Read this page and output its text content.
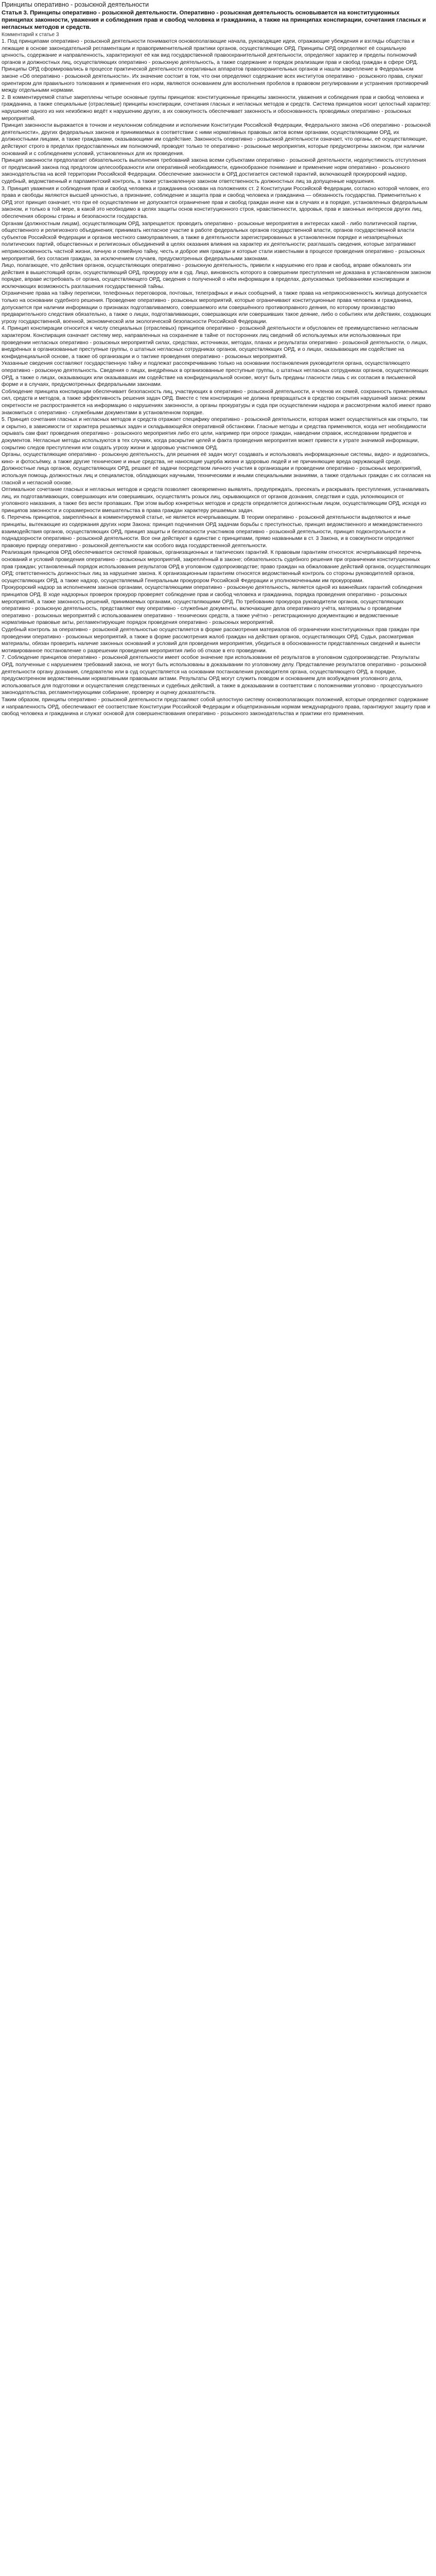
Принципы оперативно - розыскной деятельности
Статья 3. Принципы оперативно - розыскной деятельности. Оперативно - розыскная деятельность основывается на конституционных принципах законности, уважения и соблюдения прав и свобод человека и гражданина, а также на принципах конспирации, сочетания гласных и негласных методов и средств.
Комментарий к статье 3

1. Под принципами оперативно - розыскной деятельности понимаются основополагающие начала, руководящие идеи, отражающие убеждения и взгляды общества и лежащие в основе законодательной регламентации и правоприменительной практики органов, осуществляющих ОРД. Принципы ОРД определяют её социальную ценность, содержание и направленность, характеризуют её как вид государственной правоохранительной деятельности, определяют характер и пределы полномочий органов и должностных лиц, осуществляющих оперативно - розыскную деятельность, а также содержание и порядок реализации прав и свобод граждан в сфере ОРД.

Принципы ОРД сформировались в процессе практической деятельности оперативных аппаратов правоохранительных органов и нашли закрепление в Федеральном законе «Об оперативно - розыскной деятельности». Их значение состоит в том, что они определяют содержание всех институтов оперативно - розыскного права, служат ориентиром для правильного толкования и применения его норм, являются основанием для восполнения пробелов в правовом регулировании и устранения противоречий между отдельными нормами.

2. В комментируемой статье закреплены четыре основные группы принципов: конституционные принципы законности, уважения и соблюдения прав и свобод человека и гражданина, а также специальные (отраслевые) принципы конспирации, сочетания гласных и негласных методов и средств. Система принципов носит целостный характер: нарушение одного из них неизбежно ведёт к нарушению других, а их совокупность обеспечивает законность и обоснованность проводимых оперативно - розыскных мероприятий.

Принцип законности выражается в точном и неуклонном соблюдении и исполнении Конституции Российской Федерации, Федерального закона «Об оперативно - розыскной деятельности», других федеральных законов и принимаемых в соответствии с ними нормативных правовых актов всеми органами, осуществляющими ОРД, их должностными лицами, а также гражданами, оказывающими им содействие. Законность оперативно - розыскной деятельности означает, что органы, её осуществляющие, действуют строго в пределах предоставленных им полномочий, проводят только те оперативно - розыскные мероприятия, которые предусмотрены законом, при наличии оснований и с соблюдением условий, установленных для их проведения.

Принцип законности предполагает обязательность выполнения требований закона всеми субъектами оперативно - розыскной деятельности, недопустимость отступления от предписаний закона под предлогом целесообразности или оперативной необходимости, единообразное понимание и применение норм оперативно - розыскного законодательства на всей территории Российской Федерации. Обеспечение законности в ОРД достигается системой гарантий, включающей прокурорский надзор, судебный, ведомственный и парламентский контроль, а также установленную законом ответственность должностных лиц за допущенные нарушения.

3. Принцип уважения и соблюдения прав и свобод человека и гражданина основан на положениях ст. 2 Конституции Российской Федерации, согласно которой человек, его права и свободы являются высшей ценностью, а признание, соблюдение и защита прав и свобод человека и гражданина — обязанность государства. Применительно к ОРД этот принцип означает, что при её осуществлении не допускается ограничение прав и свобод граждан иначе как в случаях и в порядке, установленных федеральным законом, и только в той мере, в какой это необходимо в целях защиты основ конституционного строя, нравственности, здоровья, прав и законных интересов других лиц, обеспечения обороны страны и безопасности государства.

Органам (должностным лицам), осуществляющим ОРД, запрещается: проводить оперативно - розыскные мероприятия в интересах какой - либо политической партии, общественного и религиозного объединения; принимать негласное участие в работе федеральных органов государственной власти, органов государственной власти субъектов Российской Федерации и органов местного самоуправления, а также в деятельности зарегистрированных в установленном порядке и незапрещённых политических партий, общественных и религиозных объединений в целях оказания влияния на характер их деятельности; разглашать сведения, которые затрагивают неприкосновенность частной жизни, личную и семейную тайну, честь и доброе имя граждан и которые стали известными в процессе проведения оперативно - розыскных мероприятий, без согласия граждан, за исключением случаев, предусмотренных федеральными законами.

Лицо, полагающее, что действия органов, осуществляющих оперативно - розыскную деятельность, привели к нарушению его прав и свобод, вправе обжаловать эти действия в вышестоящий орган, осуществляющий ОРД, прокурору или в суд. Лицо, виновность которого в совершении преступления не доказана в установленном законом порядке, вправе истребовать от органа, осуществляющего ОРД, сведения о полученной о нём информации в пределах, допускаемых требованиями конспирации и исключающих возможность разглашения государственной тайны.

Ограничение права на тайну переписки, телефонных переговоров, почтовых, телеграфных и иных сообщений, а также права на неприкосновенность жилища допускается только на основании судебного решения. Проведение оперативно - розыскных мероприятий, которые ограничивают конституционные права человека и гражданина, допускается при наличии информации о признаках подготавливаемого, совершаемого или совершённого противоправного деяния, по которому производство предварительного следствия обязательно, а также о лицах, подготавливающих, совершающих или совершивших такое деяние, либо о событиях или действиях, создающих угрозу государственной, военной, экономической или экологической безопасности Российской Федерации.

4. Принцип конспирации относится к числу специальных (отраслевых) принципов оперативно - розыскной деятельности и обусловлен её преимущественно негласным характером. Конспирация означает систему мер, направленных на сохранение в тайне от посторонних лиц сведений об используемых или использованных при проведении негласных оперативно - розыскных мероприятий силах, средствах, источниках, методах, планах и результатах оперативно - розыскной деятельности, о лицах, внедрённых в организованные преступные группы, о штатных негласных сотрудниках органов, осуществляющих ОРД, и о лицах, оказывающих им содействие на конфиденциальной основе, а также об организации и о тактике проведения оперативно - розыскных мероприятий.

Указанные сведения составляют государственную тайну и подлежат рассекречиванию только на основании постановления руководителя органа, осуществляющего оперативно - розыскную деятельность. Сведения о лицах, внедрённых в организованные преступные группы, о штатных негласных сотрудниках органов, осуществляющих ОРД, а также о лицах, оказывающих или оказывавших им содействие на конфиденциальной основе, могут быть преданы гласности лишь с их согласия в письменной форме и в случаях, предусмотренных федеральными законами.

Соблюдение принципа конспирации обеспечивает безопасность лиц, участвующих в оперативно - розыскной деятельности, и членов их семей, сохранность применяемых сил, средств и методов, а также эффективность решения задач ОРД. Вместе с тем конспирация не должна превращаться в средство сокрытия нарушений закона: режим секретности не распространяется на информацию о нарушениях законности, а органы прокуратуры и суда при осуществлении надзора и рассмотрении жалоб имеют право знакомиться с оперативно - служебными документами в установленном порядке.

5. Принцип сочетания гласных и негласных методов и средств отражает специфику оперативно - розыскной деятельности, которая может осуществляться как открыто, так и скрытно, в зависимости от характера решаемых задач и складывающейся оперативной обстановки. Гласные методы и средства применяются, когда нет необходимости скрывать сам факт проведения оперативно - розыскного мероприятия либо его цели, например при опросе граждан, наведении справок, исследовании предметов и документов. Негласные методы используются в тех случаях, когда раскрытие целей и факта проведения мероприятия может привести к утрате значимой информации, сокрытию следов преступления или создать угрозу жизни и здоровью участников ОРД.

Органы, осуществляющие оперативно - розыскную деятельность, для решения её задач могут создавать и использовать информационные системы, видео- и аудиозапись, кино- и фотосъёмку, а также другие технические и иные средства, не наносящие ущерба жизни и здоровью людей и не причиняющие вреда окружающей среде. Должностные лица органов, осуществляющих ОРД, решают её задачи посредством личного участия в организации и проведении оперативно - розыскных мероприятий, используя помощь должностных лиц и специалистов, обладающих научными, техническими и иными специальными знаниями, а также отдельных граждан с их согласия на гласной и негласной основе.

Оптимальное сочетание гласных и негласных методов и средств позволяет своевременно выявлять, предупреждать, пресекать и раскрывать преступления, устанавливать лиц, их подготавливающих, совершающих или совершивших, осуществлять розыск лиц, скрывающихся от органов дознания, следствия и суда, уклоняющихся от уголовного наказания, а также без вести пропавших. При этом выбор конкретных методов и средств определяется должностным лицом, осуществляющим ОРД, исходя из принципов законности и соразмерности вмешательства в права граждан характеру решаемых задач.

6. Перечень принципов, закреплённых в комментируемой статье, не является исчерпывающим. В теории оперативно - розыскной деятельности выделяются и иные принципы, вытекающие из содержания других норм Закона: принцип подчинения ОРД задачам борьбы с преступностью, принцип ведомственного и межведомственного взаимодействия органов, осуществляющих ОРД, принцип защиты и безопасности участников оперативно - розыскной деятельности, принцип подконтрольности и поднадзорности оперативно - розыскной деятельности. Все они действуют в единстве с принципами, прямо названными в ст. 3 Закона, и в совокупности определяют правовую природу оперативно - розыскной деятельности как особого вида государственной деятельности.

Реализация принципов ОРД обеспечивается системой правовых, организационных и тактических гарантий. К правовым гарантиям относятся: исчерпывающий перечень оснований и условий проведения оперативно - розыскных мероприятий, закреплённый в законе; обязательность судебного решения при ограничении конституционных прав граждан; установленный порядок использования результатов ОРД в уголовном судопроизводстве; право граждан на обжалование действий органов, осуществляющих ОРД; ответственность должностных лиц за нарушение закона. К организационным гарантиям относятся ведомственный контроль со стороны руководителей органов, осуществляющих ОРД, а также надзор, осуществляемый Генеральным прокурором Российской Федерации и уполномоченными им прокурорами.

Прокурорский надзор за исполнением законов органами, осуществляющими оперативно - розыскную деятельность, является одной из важнейших гарантий соблюдения принципов ОРД. В ходе надзорных проверок прокурор проверяет соблюдение прав и свобод человека и гражданина, порядка проведения оперативно - розыскных мероприятий, а также законность решений, принимаемых органами, осуществляющими ОРД. По требованию прокурора руководители органов, осуществляющих оперативно - розыскную деятельность, представляют ему оперативно - служебные документы, включающие дела оперативного учёта, материалы о проведении оперативно - розыскных мероприятий с использованием оперативно - технических средств, а также учётно - регистрационную документацию и ведомственные нормативные правовые акты, регламентирующие порядок проведения оперативно - розыскных мероприятий.

Судебный контроль за оперативно - розыскной деятельностью осуществляется в форме рассмотрения материалов об ограничении конституционных прав граждан при проведении оперативно - розыскных мероприятий, а также в форме рассмотрения жалоб граждан на действия органов, осуществляющих ОРД. Судья, рассматривая материалы, обязан проверить наличие законных оснований и условий для проведения мероприятия, убедиться в обоснованности представленных сведений и вынести мотивированное постановление о разрешении проведения мероприятия либо об отказе в его проведении.

7. Соблюдение принципов оперативно - розыскной деятельности имеет особое значение при использовании её результатов в уголовном судопроизводстве. Результаты ОРД, полученные с нарушением требований закона, не могут быть использованы в доказывании по уголовному делу. Представление результатов оперативно - розыскной деятельности органу дознания, следователю или в суд осуществляется на основании постановления руководителя органа, осуществляющего ОРД, в порядке, предусмотренном ведомственными нормативными правовыми актами. Результаты ОРД могут служить поводом и основанием для возбуждения уголовного дела, использоваться для подготовки и осуществления следственных и судебных действий, а также в доказывании в соответствии с положениями уголовно - процессуального законодательства, регламентирующими собирание, проверку и оценку доказательств.

Таким образом, принципы оперативно - розыскной деятельности представляют собой целостную систему основополагающих положений, которые определяют содержание и направленность ОРД, обеспечивают её соответствие Конституции Российской Федерации и общепризнанным нормам международного права, гарантируют защиту прав и свобод человека и гражданина и служат основой для совершенствования оперативно - розыскного законодательства и практики его применения.
